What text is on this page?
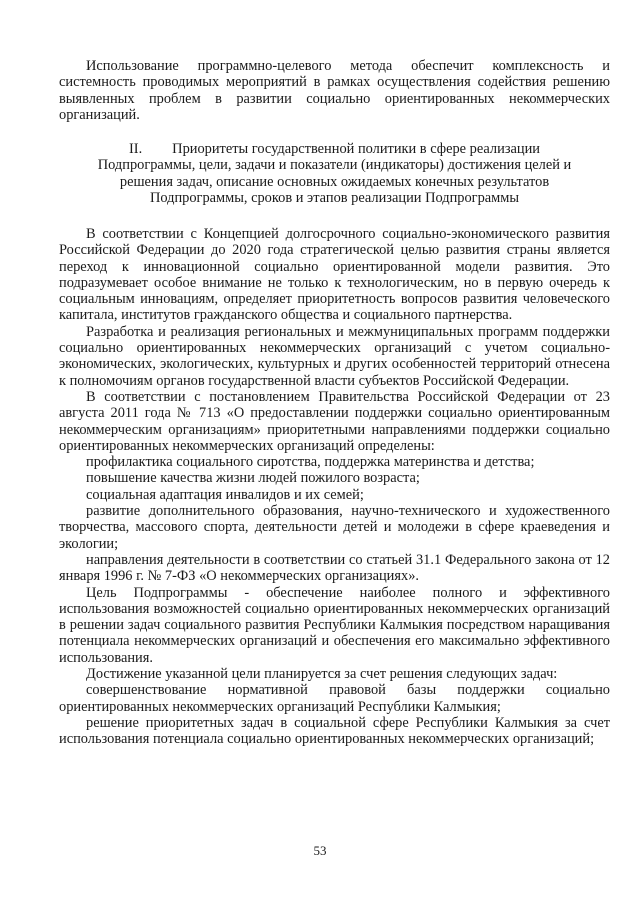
Использование программно-целевого метода обеспечит комплексность и системность проводимых мероприятий в рамках осуществления содействия решению выявленных проблем в развитии социально ориентированных некоммерческих организаций.

II. Приоритеты государственной политики в сфере реализации
Подпрограммы, цели, задачи и показатели (индикаторы) достижения целей и
решения задач, описание основных ожидаемых конечных результатов
Подпрограммы, сроков и этапов реализации Подпрограммы

В соответствии с Концепцией долгосрочного социально-экономического развития Российской Федерации до 2020 года стратегической целью развития страны является переход к инновационной социально ориентированной модели развития. Это подразумевает особое внимание не только к технологическим, но в первую очередь к социальным инновациям, определяет приоритетность вопросов развития человеческого капитала, институтов гражданского общества и социального партнерства.

Разработка и реализация региональных и межмуниципальных программ поддержки социально ориентированных некоммерческих организаций с учетом социально-экономических, экологических, культурных и других особенностей территорий отнесена к полномочиям органов государственной власти субъектов Российской Федерации.

В соответствии с постановлением Правительства Российской Федерации от 23 августа 2011 года № 713 «О предоставлении поддержки социально ориентированным некоммерческим организациям» приоритетными направлениями поддержки социально ориентированных некоммерческих организаций определены:

профилактика социального сиротства, поддержка материнства и детства;

повышение качества жизни людей пожилого возраста;

социальная адаптация инвалидов и их семей;

развитие дополнительного образования, научно-технического и художественного творчества, массового спорта, деятельности детей и молодежи в сфере краеведения и экологии;

направления деятельности в соответствии со статьей 31.1 Федерального закона от 12 января 1996 г. № 7-ФЗ «О некоммерческих организациях».

Цель Подпрограммы - обеспечение наиболее полного и эффективного использования возможностей социально ориентированных некоммерческих организаций в решении задач социального развития Республики Калмыкия посредством наращивания потенциала некоммерческих организаций и обеспечения его максимально эффективного использования.

Достижение указанной цели планируется за счет решения следующих задач:

совершенствование нормативной правовой базы поддержки социально ориентированных некоммерческих организаций Республики Калмыкия;

решение приоритетных задач в социальной сфере Республики Калмыкия за счет использования потенциала социально ориентированных некоммерческих организаций;

53
